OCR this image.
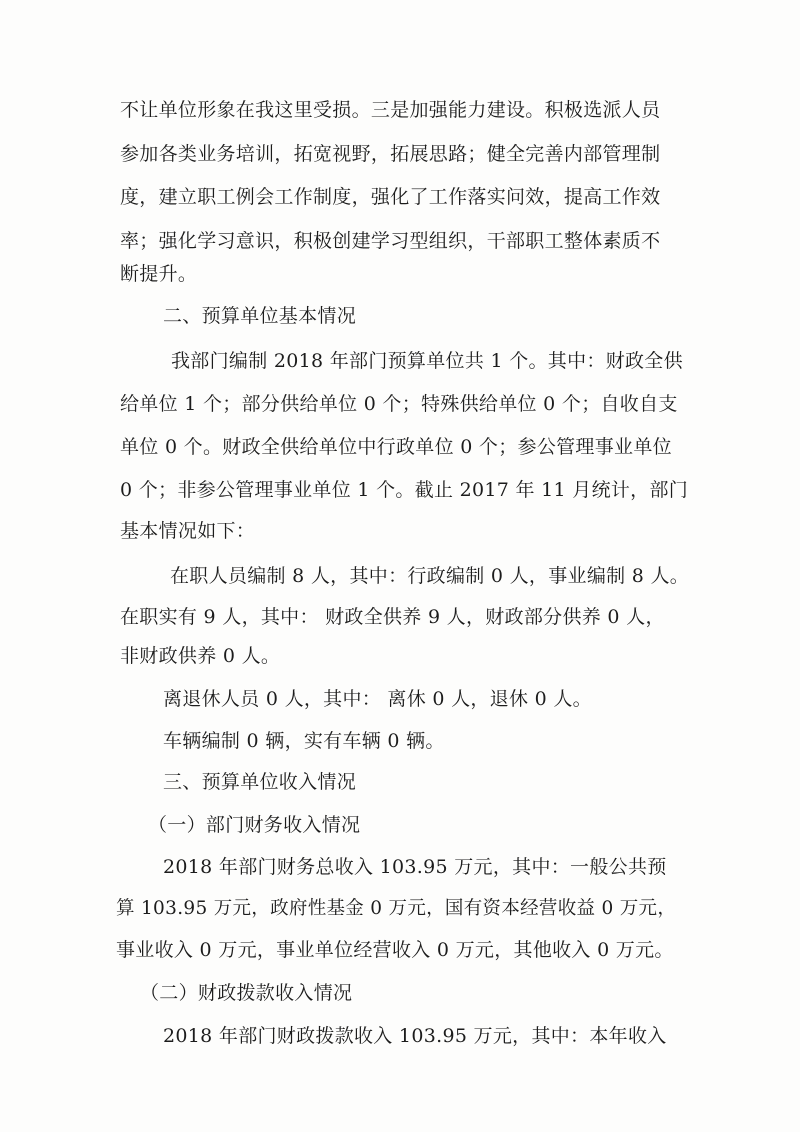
不让单位形象在我这里受损。三是加强能力建设。积极选派人员
参加各类业务培训，拓宽视野，拓展思路；健全完善内部管理制
度，建立职工例会工作制度，强化了工作落实问效，提高工作效
率；强化学习意识，积极创建学习型组织，干部职工整体素质不
断提升。
二、预算单位基本情况
我部门编制 2018 年部门预算单位共 1 个。其中：财政全供
给单位 1 个；部分供给单位 0 个；特殊供给单位 0 个；自收自支
单位 0 个。财政全供给单位中行政单位 0 个；参公管理事业单位
0 个；非参公管理事业单位 1 个。截止 2017 年 11 月统计，部门
基本情况如下：
在职人员编制 8 人，其中：行政编制 0 人，事业编制 8 人。
在职实有 9 人，其中： 财政全供养 9 人，财政部分供养 0 人，
非财政供养 0 人。
离退休人员 0 人，其中： 离休 0 人，退休 0 人。
车辆编制 0 辆，实有车辆 0 辆。
三、预算单位收入情况
（一）部门财务收入情况
2018 年部门财务总收入 103.95 万元，其中：一般公共预
算 103.95 万元，政府性基金 0 万元，国有资本经营收益 0 万元，
事业收入 0 万元，事业单位经营收入 0 万元，其他收入 0 万元。
（二）财政拨款收入情况
2018 年部门财政拨款收入 103.95 万元，其中：本年收入
